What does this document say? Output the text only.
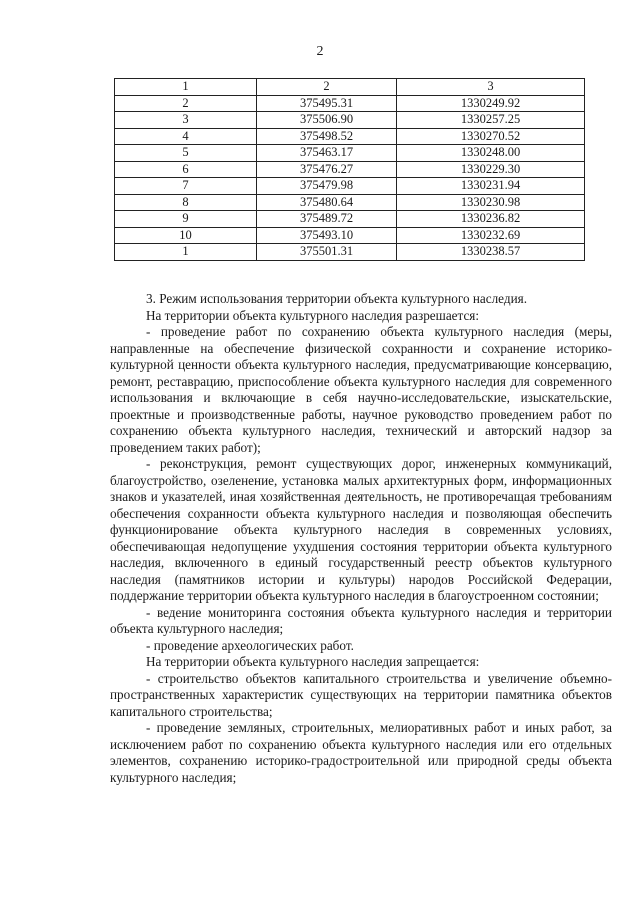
2
1	2	3
2	375495.31	1330249.92
3	375506.90	1330257.25
4	375498.52	1330270.52
5	375463.17	1330248.00
6	375476.27	1330229.30
7	375479.98	1330231.94
8	375480.64	1330230.98
9	375489.72	1330236.82
10	375493.10	1330232.69
1	375501.31	1330238.57

3. Режим использования территории объекта культурного наследия.

На территории объекта культурного наследия разрешается:

- проведение работ по сохранению объекта культурного наследия (меры, направленные на обеспечение физической сохранности и сохранение историко-культурной ценности объекта культурного наследия, предусматривающие консервацию, ремонт, реставрацию, приспособление объекта культурного наследия для современного использования и включающие в себя научно-исследовательские, изыскательские, проектные и производственные работы, научное руководство проведением работ по сохранению объекта культурного наследия, технический и авторский надзор за проведением таких работ);

- реконструкция, ремонт существующих дорог, инженерных коммуникаций, благоустройство, озеленение, установка малых архитектурных форм, информационных знаков и указателей, иная хозяйственная деятельность, не противоречащая требованиям обеспечения сохранности объекта культурного наследия и позволяющая обеспечить функционирование объекта культурного наследия в современных условиях, обеспечивающая недопущение ухудшения состояния территории объекта культурного наследия, включенного в единый государственный реестр объектов культурного наследия (памятников истории и культуры) народов Российской Федерации, поддержание территории объекта культурного наследия в благоустроенном состоянии;

- ведение мониторинга состояния объекта культурного наследия и территории объекта культурного наследия;

- проведение археологических работ.

На территории объекта культурного наследия запрещается:

- строительство объектов капитального строительства и увеличение объемно-пространственных характеристик существующих на территории памятника объектов капитального строительства;

- проведение земляных, строительных, мелиоративных работ и иных работ, за исключением работ по сохранению объекта культурного наследия или его отдельных элементов, сохранению историко-градостроительной или природной среды объекта культурного наследия;
